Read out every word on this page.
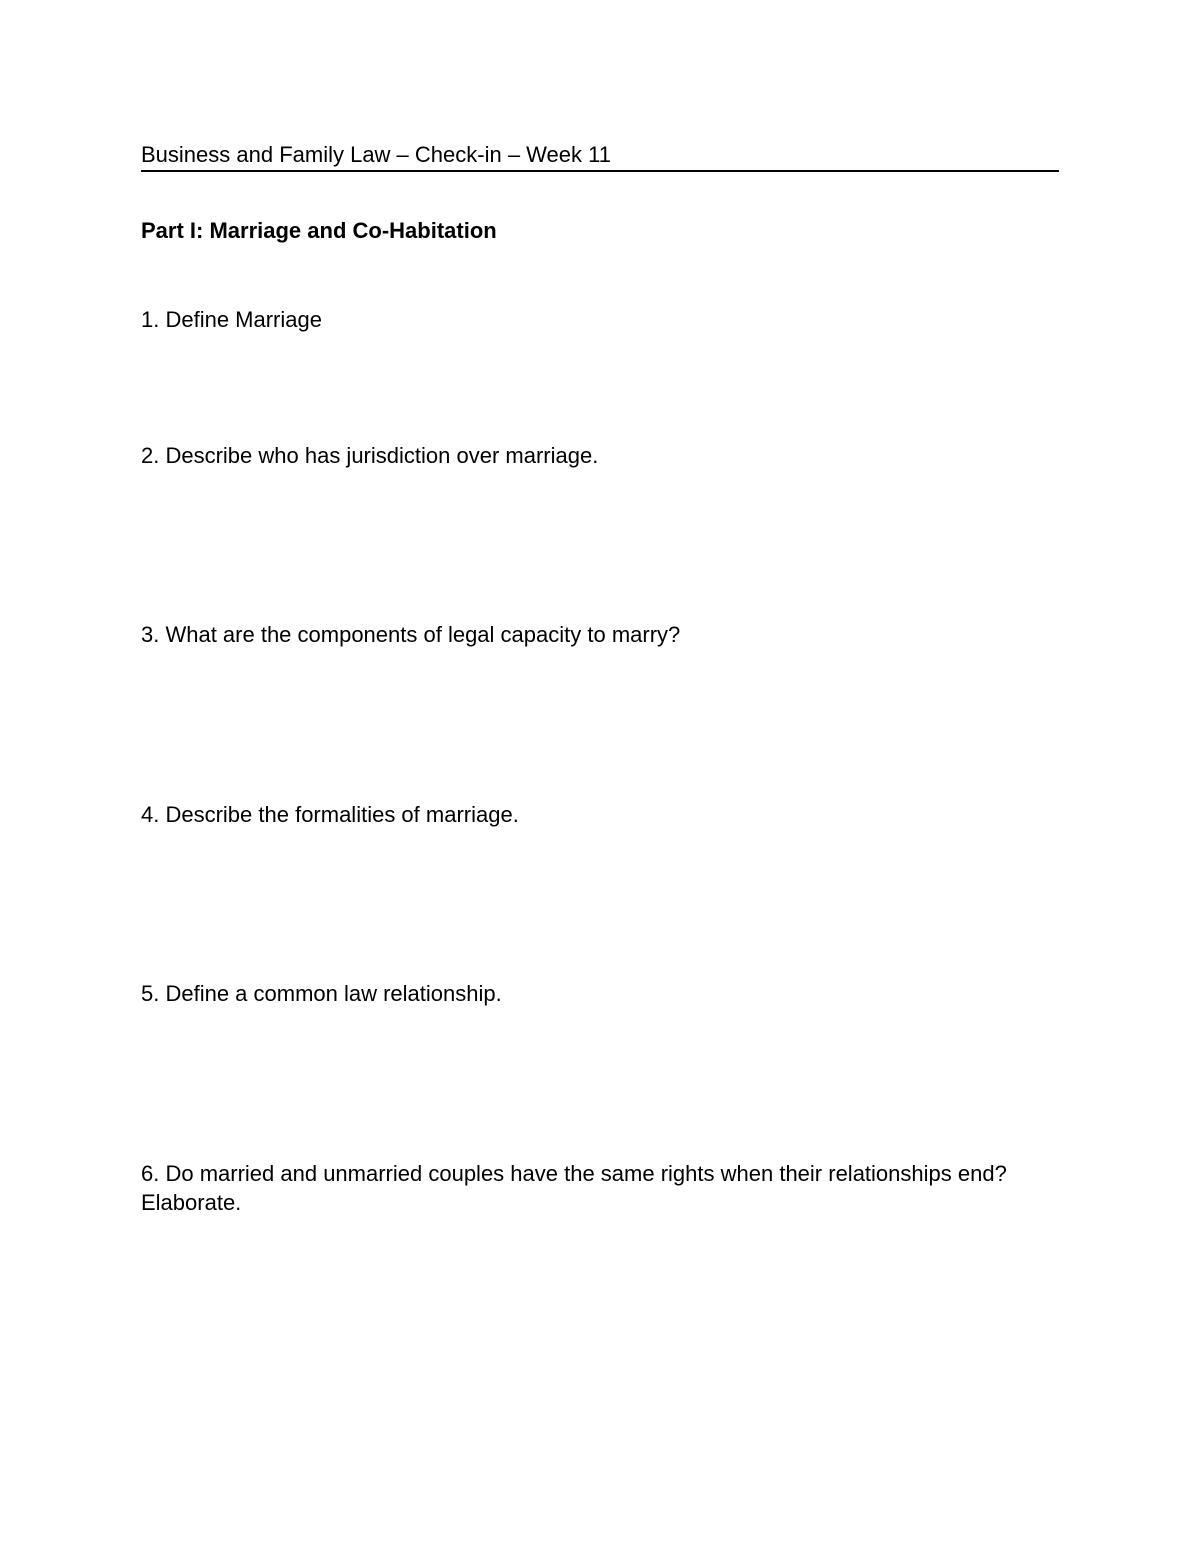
Business and Family Law – Check-in – Week 11
Part I: Marriage and Co-Habitation
1. Define Marriage
2. Describe who has jurisdiction over marriage.
3. What are the components of legal capacity to marry?
4. Describe the formalities of marriage.
5. Define a common law relationship.
6. Do married and unmarried couples have the same rights when their relationships end? Elaborate.
